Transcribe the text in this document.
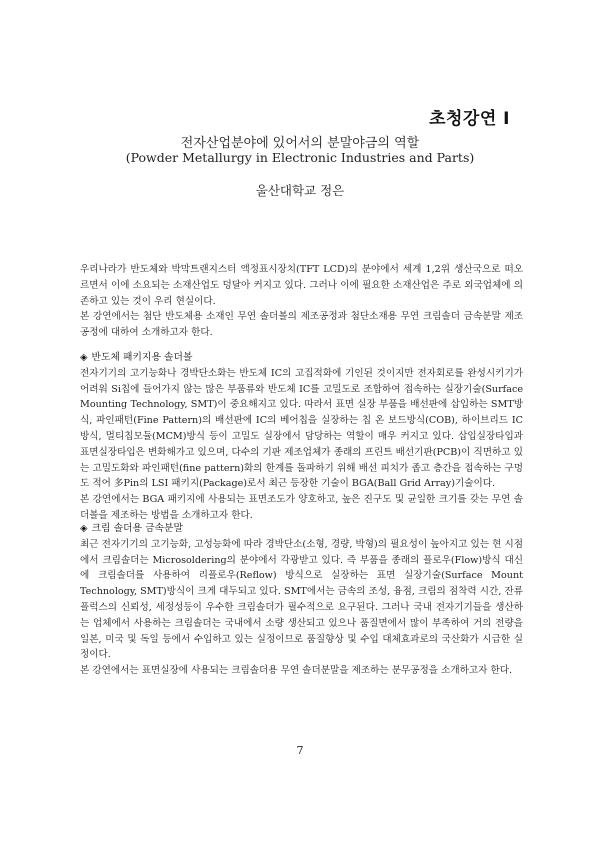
초청강연 I
전자산업분야에 있어서의 분말야금의 역할
(Powder Metallurgy in Electronic Industries and Parts)
울산대학교 정은

우리나라가 반도체와 박막트랜지스터 액정표시장치(TFT LCD)의 분야에서 세계 1,2위 생산국으로 떠오르면서 이에 소요되는 소재산업도 덩달아 커지고 있다. 그러나 이에 필요한 소재산업은 주로 외국업체에 의존하고 있는 것이 우리 현실이다.

본 강연에서는 첨단 반도체용 소재인 무연 솔더볼의 제조공정과 첨단소재용 무연 크림솔더 금속분말 제조공정에 대하여 소개하고자 한다.

◈ 반도체 패키지용 솔더볼

전자기기의 고기능화나 경박단소화는 반도체 IC의 고집적화에 기인된 것이지만 전자회로를 완성시키기가 어려워 Si칩에 들어가지 않는 많은 부품류와 반도체 IC를 고밀도로 조합하여 접속하는 실장기술(Surface Mounting Technology, SMT)이 중요해지고 있다. 따라서 표면 실장 부품을 배선판에 삽입하는 SMT방식, 파인패턴(Fine Pattern)의 배선판에 IC의 베어칩을 실장하는 칩 온 보드방식(COB), 하이브리드 IC방식, 멀티칩모듈(MCM)방식 등이 고밀도 실장에서 담당하는 역할이 매우 커지고 있다. 삽입실장타입과 표면실장타입은 변화해가고 있으며, 다수의 기판 제조업체가 종래의 프린트 배선기판(PCB)이 직면하고 있는 고밀도화와 파인패턴(fine pattern)화의 한계를 돌파하기 위해 배선 피치가 좁고 층간을 접속하는 구멍도 적어 多Pin의 LSI 패키지(Package)로서 최근 등장한 기술이 BGA(Ball Grid Array)기술이다.

본 강연에서는 BGA 패키지에 사용되는 표면조도가 양호하고, 높은 진구도 및 균일한 크기를 갖는 무연 솔더볼을 제조하는 방법을 소개하고자 한다.

◈ 크림 솔더용 금속분말

최근 전자기기의 고기능화, 고성능화에 따라 경박단소(소형, 경량, 박형)의 필요성이 높아지고 있는 현 시점에서 크림솔더는 Microsoldering의 분야에서 각광받고 있다. 즉 부품을 종래의 플로우(Flow)방식 대신에 크림솔더를 사용하여 리플로우(Reflow) 방식으로 실장하는 표면 실장기술(Surface Mount Technology, SMT)방식이 크게 대두되고 있다. SMT에서는 금속의 조성, 융점, 크림의 점착력 시간, 잔류 플럭스의 신뢰성, 세정성등이 우수한 크림솔더가 필수적으로 요구된다. 그러나 국내 전자기기들을 생산하는 업체에서 사용하는 크림솔더는 국내에서 소량 생산되고 있으나 품질면에서 많이 부족하여 거의 전량을 일본, 미국 및 독일 등에서 수입하고 있는 실정이므로 품질향상 및 수입 대체효과로의 국산화가 시급한 실정이다.

본 강연에서는 표면실장에 사용되는 크림솔더용 무연 솔더분말을 제조하는 분무공정을 소개하고자 한다.

7
